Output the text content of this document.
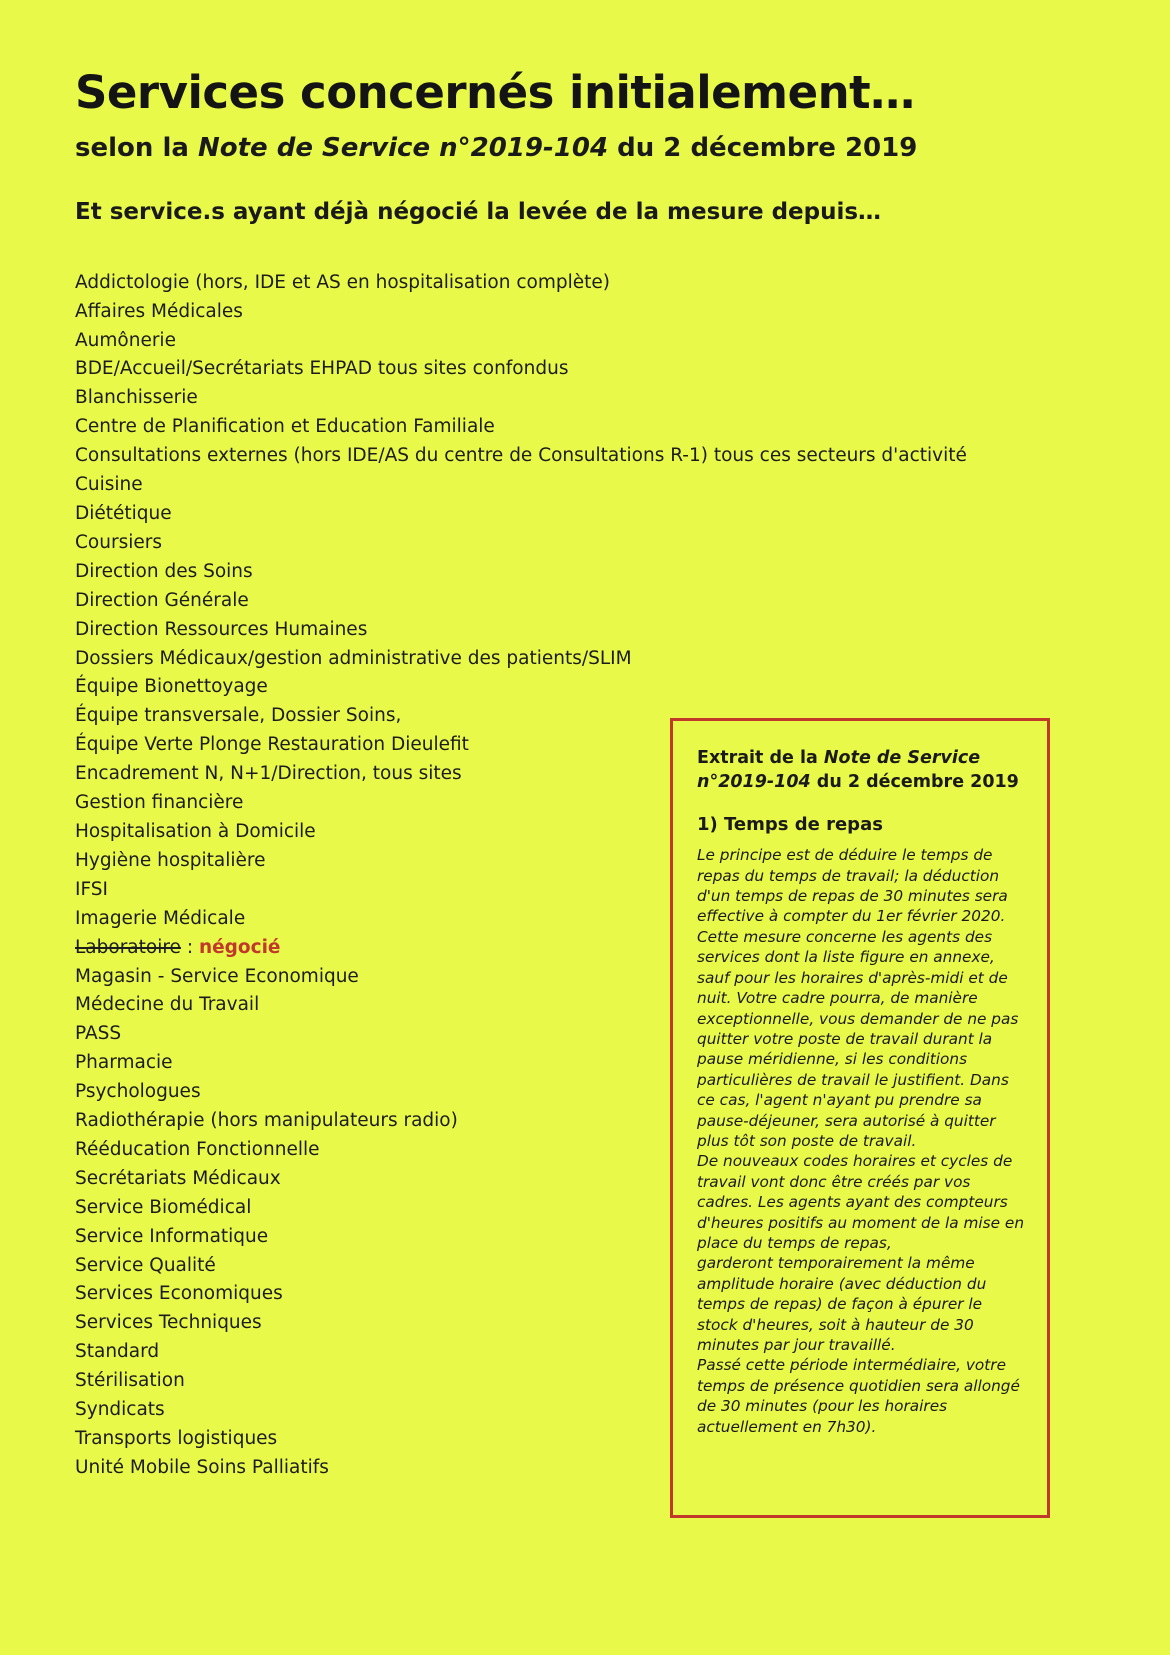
Services concernés initialement…
selon la Note de Service n°2019-104 du 2 décembre 2019
Et service.s ayant déjà négocié la levée de la mesure depuis…
Addictologie (hors, IDE et AS en hospitalisation complète)
Affaires Médicales
Aumônerie
BDE/Accueil/Secrétariats EHPAD tous sites confondus
Blanchisserie
Centre de Planification et Education Familiale
Consultations externes (hors IDE/AS du centre de Consultations R-1) tous ces secteurs d'activité
Cuisine
Diététique
Coursiers
Direction des Soins
Direction Générale
Direction Ressources Humaines
Dossiers Médicaux/gestion administrative des patients/SLIM
Équipe Bionettoyage
Équipe transversale, Dossier Soins,
Équipe Verte Plonge Restauration Dieulefit
Encadrement N, N+1/Direction, tous sites
Gestion financière
Hospitalisation à Domicile
Hygiène hospitalière
IFSI
Imagerie Médicale
Laboratoire : négocié
Magasin - Service Economique
Médecine du Travail
PASS
Pharmacie
Psychologues
Radiothérapie (hors manipulateurs radio)
Rééducation Fonctionnelle
Secrétariats Médicaux
Service Biomédical
Service Informatique
Service Qualité
Services Economiques
Services Techniques
Standard
Stérilisation
Syndicats
Transports logistiques
Unité Mobile Soins Palliatifs
Extrait de la Note de Service n°2019-104 du 2 décembre 2019
1) Temps de repas

Le principe est de déduire le temps de repas du temps de travail; la déduction d'un temps de repas de 30 minutes sera effective à compter du 1er février 2020. Cette mesure concerne les agents des services dont la liste figure en annexe, sauf pour les horaires d'après-midi et de nuit. Votre cadre pourra, de manière exceptionnelle, vous demander de ne pas quitter votre poste de travail durant la pause méridienne, si les conditions particulières de travail le justifient. Dans ce cas, l'agent n'ayant pu prendre sa pause-déjeuner, sera autorisé à quitter plus tôt son poste de travail.

De nouveaux codes horaires et cycles de travail vont donc être créés par vos cadres. Les agents ayant des compteurs d'heures positifs au moment de la mise en place du temps de repas,

garderont temporairement la même amplitude horaire (avec déduction du temps de repas) de façon à épurer le stock d'heures, soit à hauteur de 30 minutes par jour travaillé.

Passé cette période intermédiaire, votre temps de présence quotidien sera allongé de 30 minutes (pour les horaires actuellement en 7h30).
